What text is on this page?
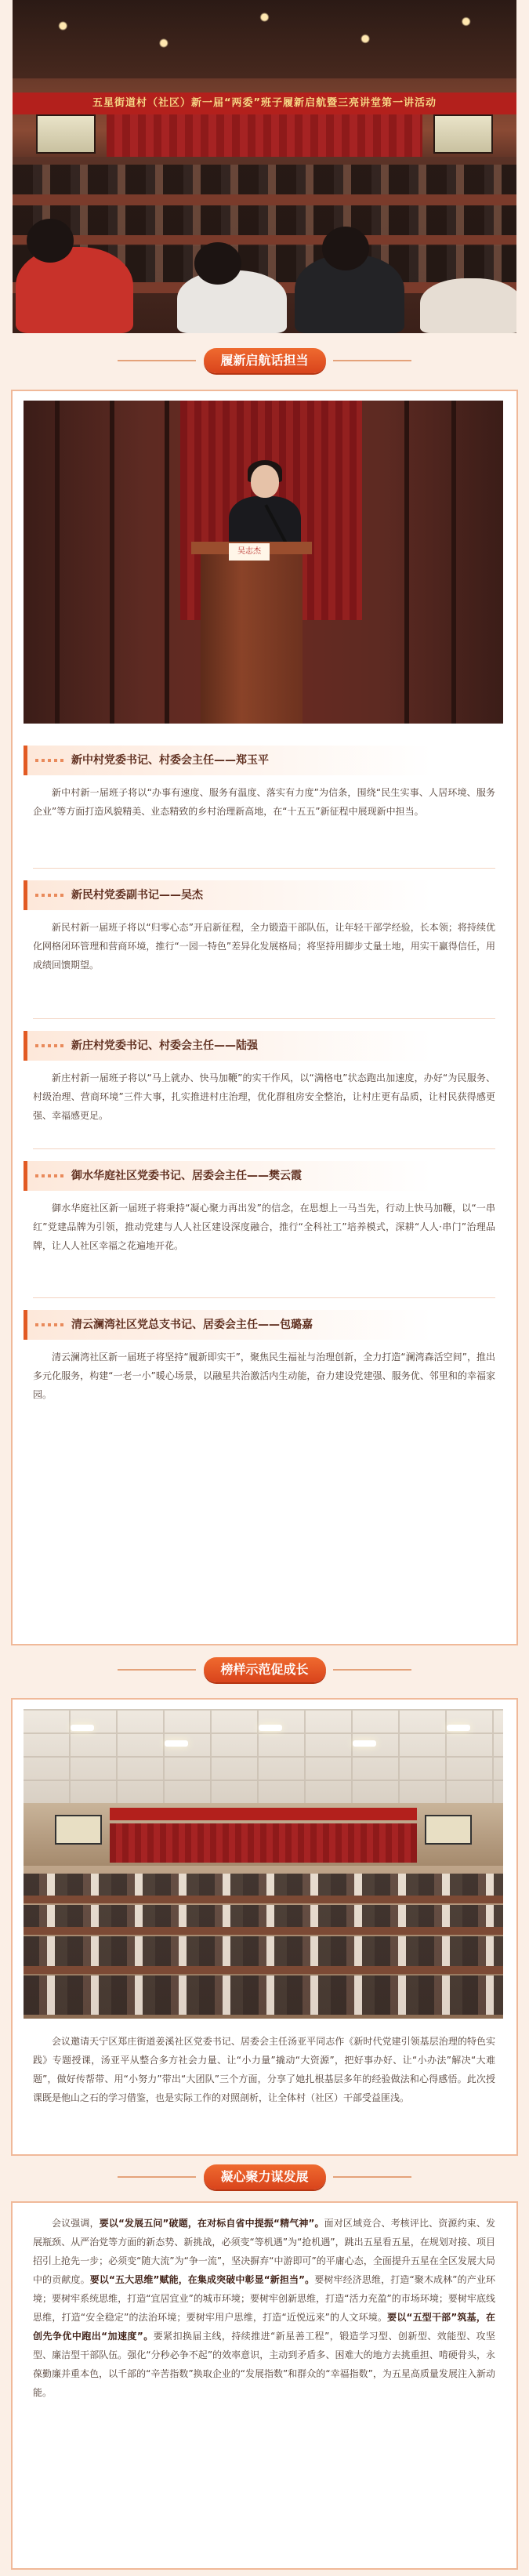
五星街道村（社区）新一届“两委”班子履新启航暨三亮讲堂第一讲活动
履新启航话担当
吴志杰
新中村党委书记、村委会主任——郑玉平
新中村新一届班子将以“办事有速度、服务有温度、落实有力度”为信条，围绕“民生实事、人居环境、服务企业”等方面打造风貌精美、业态精致的乡村治理新高地，在“十五五”新征程中展现新中担当。
新民村党委副书记——吴杰
新民村新一届班子将以“归零心态”开启新征程，全力锻造干部队伍，让年轻干部学经验，长本领；将持续优化网格闭环管理和营商环境，推行“一园一特色”差异化发展格局；将坚持用脚步丈量土地，用实干赢得信任，用成绩回馈期望。
新庄村党委书记、村委会主任——陆强
新庄村新一届班子将以“马上就办、快马加鞭”的实干作风，以“满格电”状态跑出加速度，办好“为民服务、村级治理、营商环境”三件大事，扎实推进村庄治理，优化群租房安全整治，让村庄更有品质，让村民获得感更强、幸福感更足。
御水华庭社区党委书记、居委会主任——樊云霞
御水华庭社区新一届班子将秉持“凝心聚力再出发”的信念，在思想上一马当先，行动上快马加鞭，以“一串红”党建品牌为引领，推动党建与人人社区建设深度融合，推行“全科社工”培养模式，深耕“人人·串门”治理品牌，让人人社区幸福之花遍地开花。
清云澜湾社区党总支书记、居委会主任——包璐嘉
清云澜湾社区新一届班子将坚持“履新即实干”，聚焦民生福祉与治理创新，全力打造“澜湾森活空间”，推出多元化服务，构建“一老一小”暖心场景，以融星共治激活内生动能，奋力建设党建强、服务优、邻里和的幸福家园。
榜样示范促成长
会议邀请天宁区郑庄街道姜溪社区党委书记、居委会主任汤亚平同志作《新时代党建引领基层治理的特色实践》专题授课，汤亚平从整合多方社会力量、让“小力量”撬动“大资源”，把好事办好、让“小办法”解决“大难题”，做好传帮带、用“小努力”带出“大团队”三个方面，分享了她扎根基层多年的经验做法和心得感悟。此次授课既是他山之石的学习借鉴，也是实际工作的对照剖析，让全体村（社区）干部受益匪浅。
凝心聚力谋发展
会议强调，要以“发展五问”破题，在对标自省中提振“精气神”。面对区域竞合、考核评比、资源约束、发展瓶颈、从严治党等方面的新态势、新挑战，必须变“等机遇”为“抢机遇”，跳出五星看五星，在规划对接、项目招引上抢先一步；必须变“随大流”为“争一流”，坚决摒弃“中游即可”的平庸心态，全面提升五星在全区发展大局中的贡献度。要以“五大思维”赋能，在集成突破中彰显“新担当”。要树牢经济思维，打造“聚木成林”的产业环境；要树牢系统思维，打造“宜居宜业”的城市环境；要树牢创新思维，打造“活力充盈”的市场环境；要树牢底线思维，打造“安全稳定”的法治环境；要树牢用户思维，打造“近悦远来”的人文环境。要以“五型干部”筑基，在创先争优中跑出“加速度”。要紧扣换届主线，持续推进“新星善工程”，锻造学习型、创新型、效能型、攻坚型、廉洁型干部队伍。强化“分秒必争不起”的效率意识，主动到矛盾多、困难大的地方去挑重担、啃硬骨头，永葆勤廉并重本色，以千部的“辛苦指数”换取企业的“发展指数”和群众的“幸福指数”，为五星高质量发展注入新动能。
